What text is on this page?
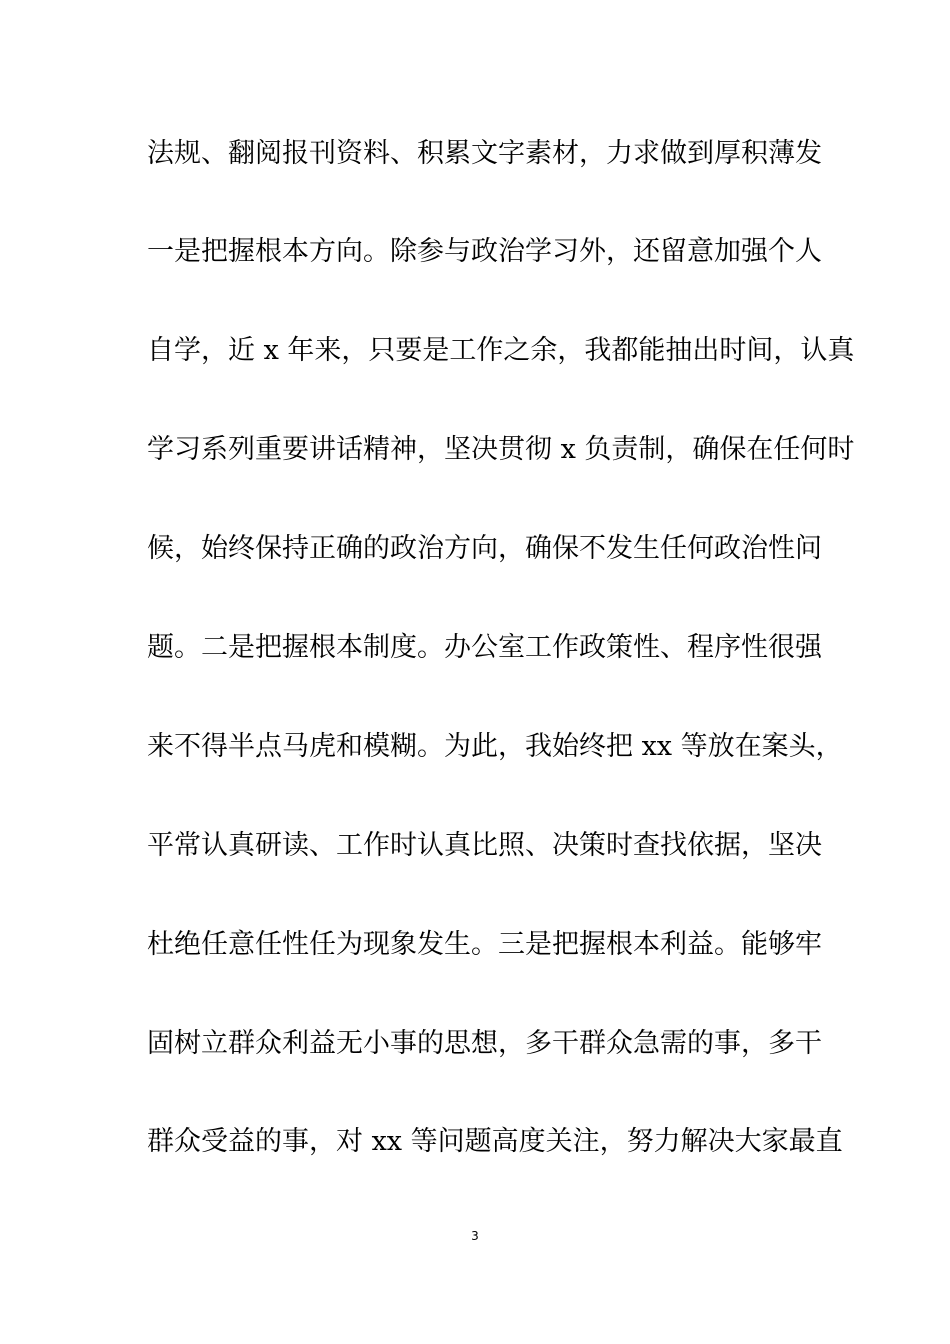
法规、翻阅报刊资料、积累文字素材，力求做到厚积薄发
一是把握根本方向。除参与政治学习外，还留意加强个人
自学，近 x 年来，只要是工作之余，我都能抽出时间，认真
学习系列重要讲话精神，坚决贯彻 x 负责制，确保在任何时
候，始终保持正确的政治方向，确保不发生任何政治性问
题。二是把握根本制度。办公室工作政策性、程序性很强
来不得半点马虎和模糊。为此，我始终把 xx 等放在案头，
平常认真研读、工作时认真比照、决策时查找依据，坚决
杜绝任意任性任为现象发生。三是把握根本利益。能够牢
固树立群众利益无小事的思想，多干群众急需的事，多干
群众受益的事，对 xx 等问题高度关注，努力解决大家最直
3
